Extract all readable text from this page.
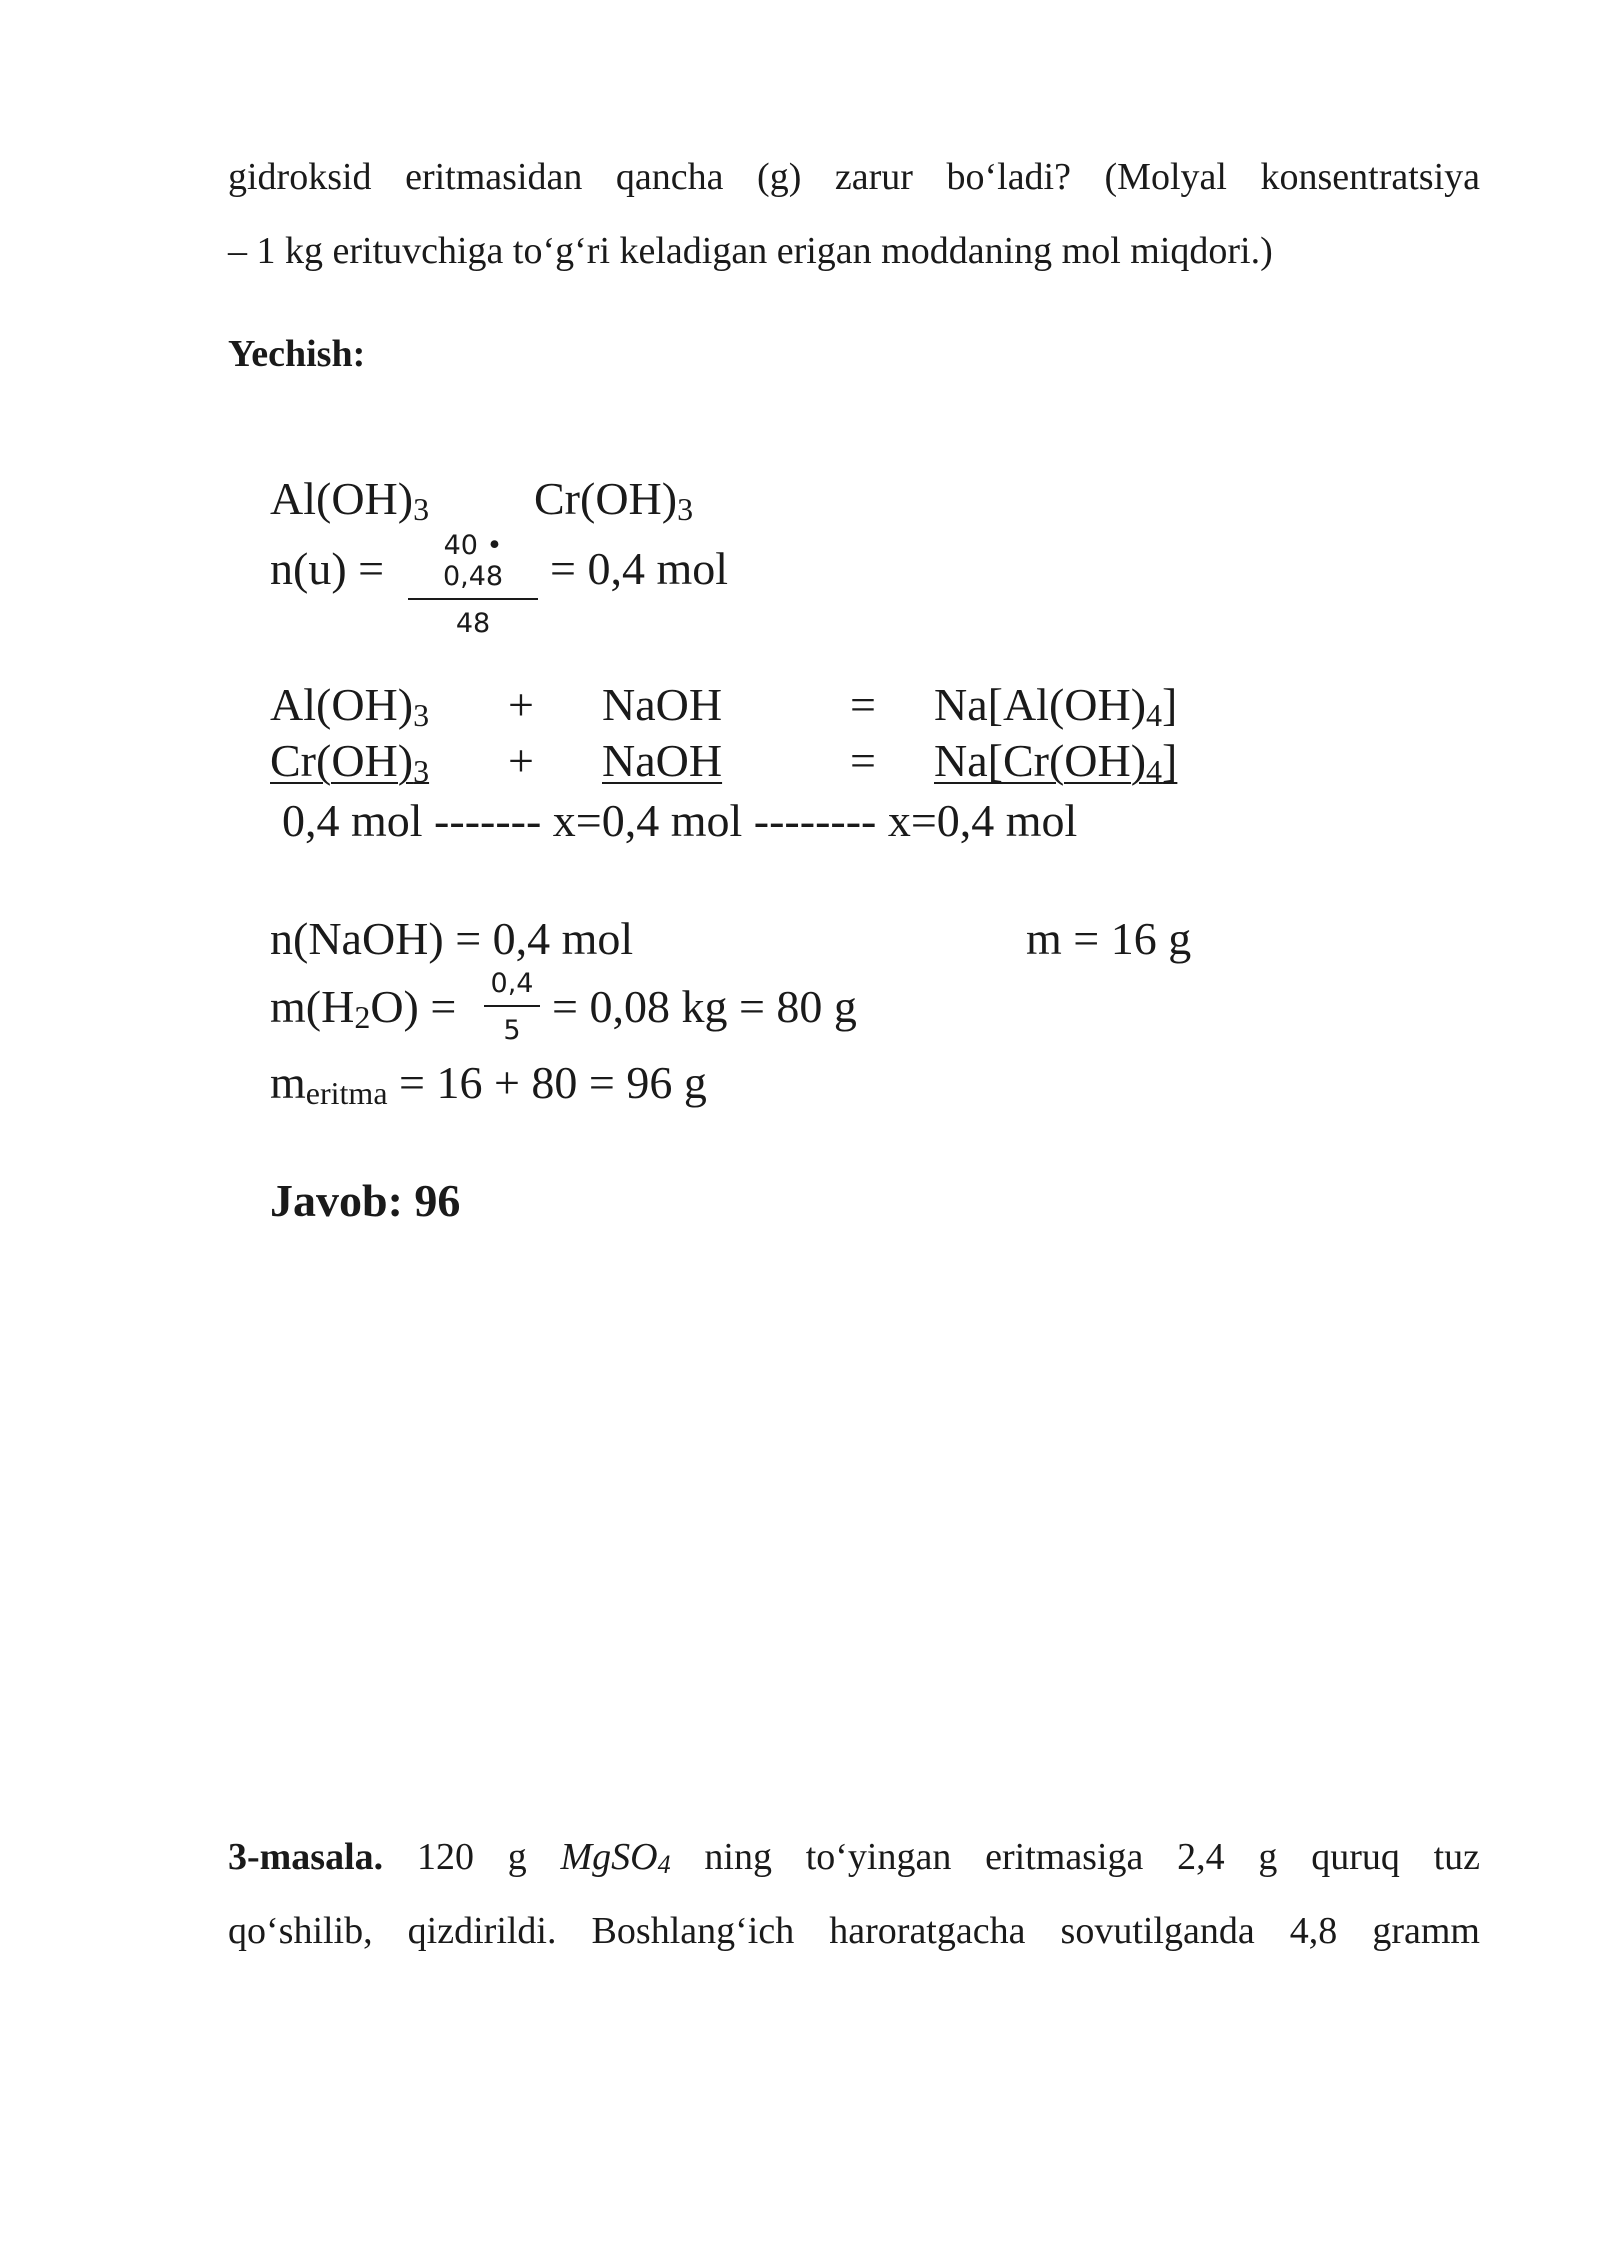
gidroksid eritmasidan qancha (g) zarur bo‘ladi? (Molyal konsentratsiya
– 1 kg erituvchiga to‘g‘ri keladigan erigan moddaning mol miqdori.)
Yechish:
Al(OH)3 Cr(OH)3
n(u) =	40 • 0,48
48
= 0,4 mol
Al(OH)3 + NaOH	= Na[Al(OH)4]
Cr(OH)3 + NaOH	= Na[Cr(OH)4]
0,4 mol ------- x=0,4 mol -------- x=0,4 mol
n(NaOH) = 0,4 mol	m = 16 g
m(H2O) = 0,4
5 = 0,08 kg = 80 g
meritma = 16 + 80 = 96 g
Javob: 96
3-masala. 120 g MgSO4 ning to‘yingan eritmasiga 2,4 g quruq tuz
qo‘shilib, qizdirildi. Boshlang‘ich haroratgacha sovutilganda 4,8 gramm
